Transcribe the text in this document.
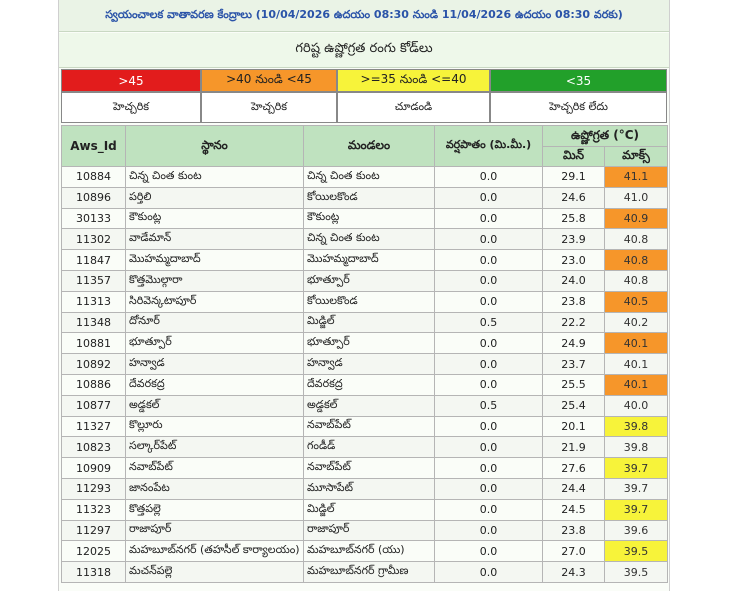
స్వయంచాలక వాతావరణ కేంద్రాలు (10/04/2026 ఉదయం 08:30 నుండి 11/04/2026 ఉదయం 08:30 వరకు)
గరిష్ట ఉష్ణోగ్రత రంగు కోడ్‌లు
>45	>40 నుండి <45	>=35 నుండి <=40	<35
హెచ్చరిక	హెచ్చరిక	చూడండి	హెచ్చరిక లేదు
Aws_Id	స్థానం	మండలం	వర్షపాతం (మి.మీ.)	ఉష్ణోగ్రత (°C)	
				మిన్	మాక్స్
10884	చిన్న చింత కుంట	చిన్న చింత కుంట	0.0	29.1	41.1
10896	పర్తిలి	కోయిలకొండ	0.0	24.6	41.0
30133	కౌకుంట్ల	కౌకుంట్ల	0.0	25.8	40.9
11302	వాడేమాన్	చిన్న చింత కుంట	0.0	23.9	40.8
11847	మొహమ్మదాబాద్	మొహమ్మదాబాద్	0.0	23.0	40.8
11357	కొత్తమొల్గారా	భూత్పూర్	0.0	24.0	40.8
11313	సిరివెన్కటాపూర్	కోయిలకొండ	0.0	23.8	40.5
11348	దోనూర్	మిడ్జిల్	0.5	22.2	40.2
10881	భూత్పూర్	భూత్పూర్	0.0	24.9	40.1
10892	హన్వాడ	హన్వాడ	0.0	23.7	40.1
10886	దేవరకద్ర	దేవరకద్ర	0.0	25.5	40.1
10877	అడ్డకల్	అడ్డకల్	0.5	25.4	40.0
11327	కొల్లూరు	నవాబ్‌పేట్	0.0	20.1	39.8
10823	సల్కార్‌పేట్	గండీడ్	0.0	21.9	39.8
10909	నవాబ్‌పేట్	నవాబ్‌పేట్	0.0	27.6	39.7
11293	జానంపేట	మూసాపేట్	0.0	24.4	39.7
11323	కొత్తపల్లె	మిడ్జిల్	0.0	24.5	39.7
11297	రాజాపూర్	రాజాపూర్	0.0	23.8	39.6
12025	మహబూబ్‌నగర్ (తహసీల్ కార్యాలయం)	మహబూబ్‌నగర్ (యు)	0.0	27.0	39.5
11318	మచన్‌పల్లె	మహబూబ్‌నగర్ గ్రామీణ	0.0	24.3	39.5
